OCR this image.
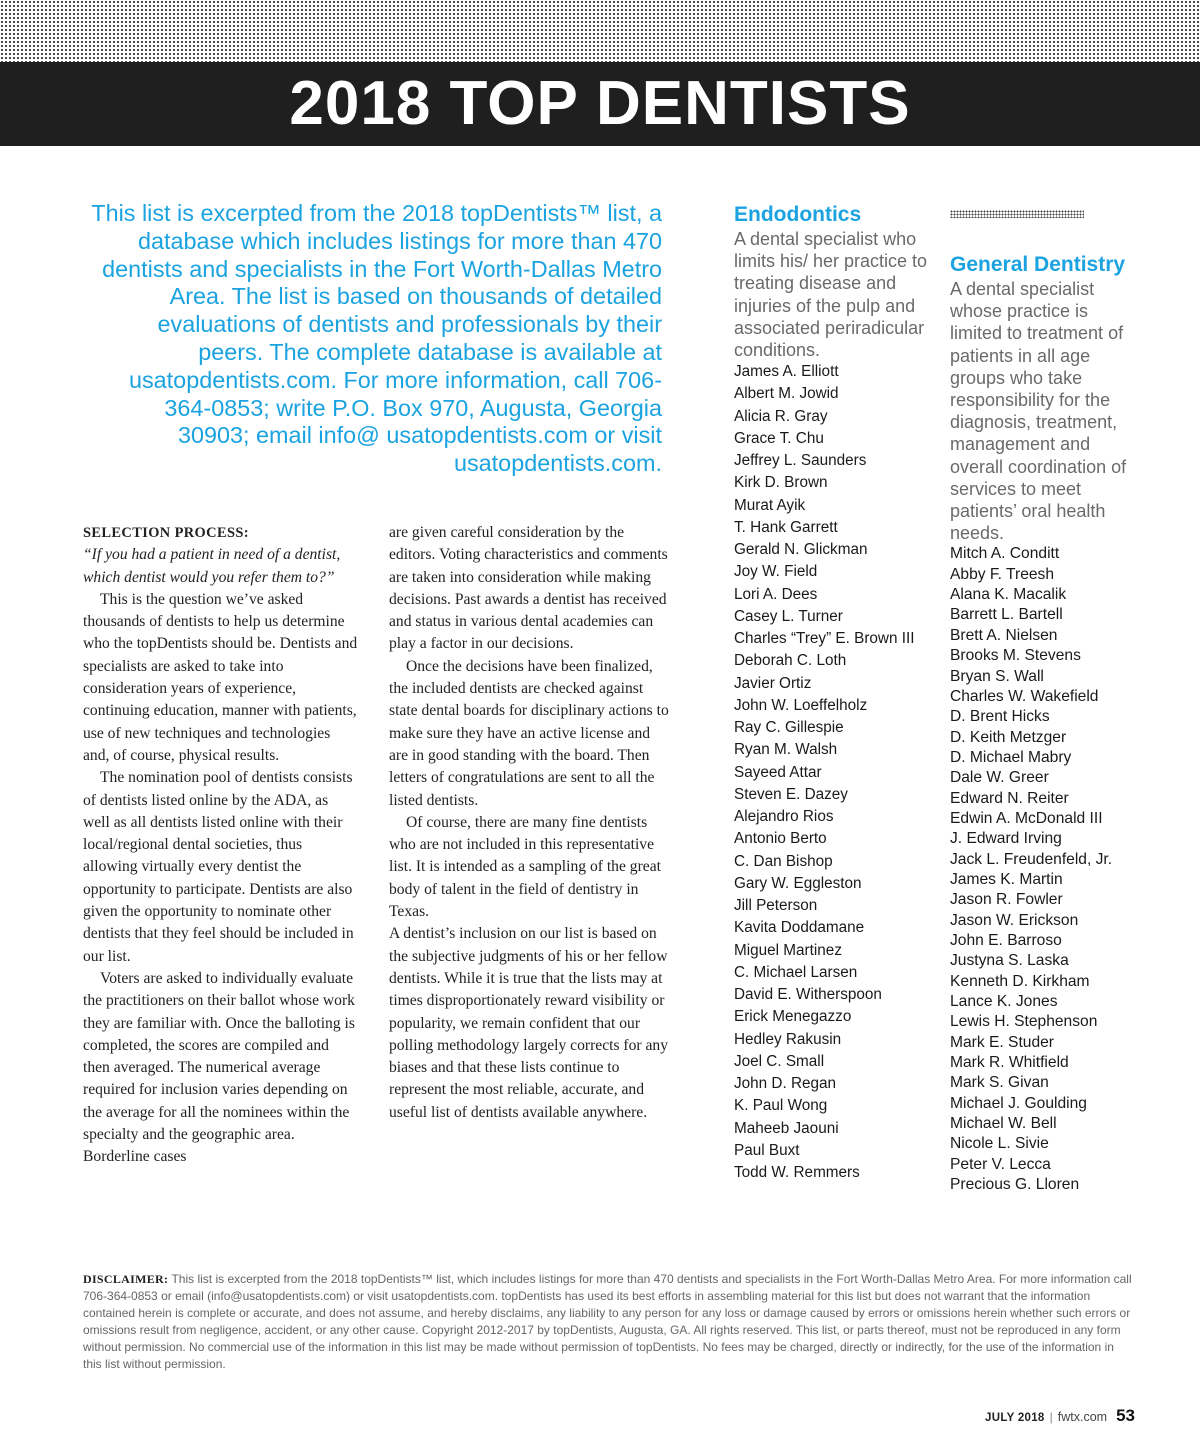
2018 TOP DENTISTS
This list is excerpted from the 2018 topDentists™ list, a database which includes listings for more than 470 dentists and specialists in the Fort Worth-Dallas Metro Area. The list is based on thousands of detailed evaluations of dentists and professionals by their peers. The complete database is available at usatopdentists.com. For more information, call 706-364-0853; write P.O. Box 970, Augusta, Georgia 30903; email info@ usatopdentists.com or visit usatopdentists.com.
SELECTION PROCESS:
“If you had a patient in need of a dentist, which dentist would you refer them to?”

This is the question we’ve asked thousands of dentists to help us determine who the topDentists should be. Dentists and specialists are asked to take into consideration years of experience, continuing education, manner with patients, use of new techniques and technologies and, of course, physical results.

The nomination pool of dentists consists of dentists listed online by the ADA, as well as all dentists listed online with their local/regional dental societies, thus allowing virtually every dentist the opportunity to participate. Dentists are also given the opportunity to nominate other dentists that they feel should be included in our list.

Voters are asked to individually evaluate the practitioners on their ballot whose work they are familiar with. Once the balloting is completed, the scores are compiled and then averaged. The numerical average required for inclusion varies depending on the average for all the nominees within the specialty and the geographic area. Borderline cases

are given careful consideration by the editors. Voting characteristics and comments are taken into consideration while making decisions. Past awards a dentist has received and status in various dental academies can play a factor in our decisions.

Once the decisions have been finalized, the included dentists are checked against state dental boards for disciplinary actions to make sure they have an active license and are in good standing with the board. Then letters of congratulations are sent to all the listed dentists.

Of course, there are many fine dentists who are not included in this representative list. It is intended as a sampling of the great body of talent in the field of dentistry in Texas.

A dentist’s inclusion on our list is based on the subjective judgments of his or her fellow dentists. While it is true that the lists may at times disproportionately reward visibility or popularity, we remain confident that our polling methodology largely corrects for any biases and that these lists continue to represent the most reliable, accurate, and useful list of dentists available anywhere.

Endodontics
A dental specialist who limits his/ her practice to treating disease and injuries of the pulp and associated periradicular conditions.
James A. Elliott
Albert M. Jowid
Alicia R. Gray
Grace T. Chu
Jeffrey L. Saunders
Kirk D. Brown
Murat Ayik
T. Hank Garrett
Gerald N. Glickman
Joy W. Field
Lori A. Dees
Casey L. Turner
Charles “Trey” E. Brown III
Deborah C. Loth
Javier Ortiz
John W. Loeffelholz
Ray C. Gillespie
Ryan M. Walsh
Sayeed Attar
Steven E. Dazey
Alejandro Rios
Antonio Berto
C. Dan Bishop
Gary W. Eggleston
Jill Peterson
Kavita Doddamane
Miguel Martinez
C. Michael Larsen
David E. Witherspoon
Erick Menegazzo
Hedley Rakusin
Joel C. Small
John D. Regan
K. Paul Wong
Maheeb Jaouni
Paul Buxt
Todd W. Remmers
General Dentistry
A dental specialist whose practice is limited to treatment of patients in all age groups who take responsibility for the diagnosis, treatment, management and overall coordination of services to meet patients’ oral health needs.
Mitch A. Conditt
Abby F. Treesh
Alana K. Macalik
Barrett L. Bartell
Brett A. Nielsen
Brooks M. Stevens
Bryan S. Wall
Charles W. Wakefield
D. Brent Hicks
D. Keith Metzger
D. Michael Mabry
Dale W. Greer
Edward N. Reiter
Edwin A. McDonald III
J. Edward Irving
Jack L. Freudenfeld, Jr.
James K. Martin
Jason R. Fowler
Jason W. Erickson
John E. Barroso
Justyna S. Laska
Kenneth D. Kirkham
Lance K. Jones
Lewis H. Stephenson
Mark E. Studer
Mark R. Whitfield
Mark S. Givan
Michael J. Goulding
Michael W. Bell
Nicole L. Sivie
Peter V. Lecca
Precious G. Lloren
DISCLAIMER: This list is excerpted from the 2018 topDentists™ list, which includes listings for more than 470 dentists and specialists in the Fort Worth-Dallas Metro Area. For more information call 706-364-0853 or email (info@usatopdentists.com) or visit usatopdentists.com. topDentists has used its best efforts in assembling material for this list but does not warrant that the information contained herein is complete or accurate, and does not assume, and hereby disclaims, any liability to any person for any loss or damage caused by errors or omissions herein whether such errors or omissions result from negligence, accident, or any other cause. Copyright 2012-2017 by topDentists, Augusta, GA. All rights reserved. This list, or parts thereof, must not be reproduced in any form without permission. No commercial use of the information in this list may be made without permission of topDentists. No fees may be charged, directly or indirectly, for the use of the information in this list without permission.
JULY 2018 | fwtx.com 53
